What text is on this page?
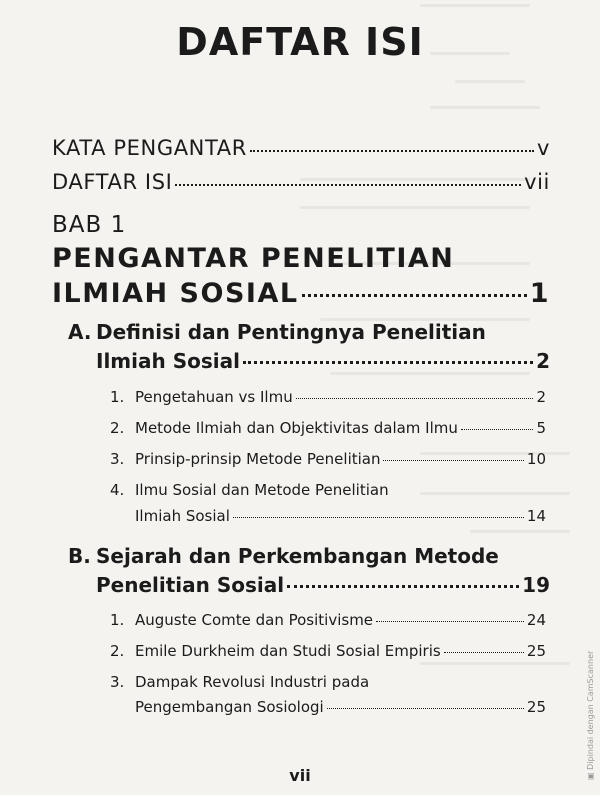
DAFTAR ISI
KATA PENGANTAR	v
DAFTAR ISI	vii
BAB 1
PENGANTAR PENELITIAN
ILMIAH SOSIAL	1
A. Definisi dan Pentingnya Penelitian
Ilmiah Sosial	2
1. Pengetahuan vs Ilmu	2
2. Metode Ilmiah dan Objektivitas dalam Ilmu	5
3. Prinsip-prinsip Metode Penelitian	10
4. Ilmu Sosial dan Metode Penelitian
Ilmiah Sosial	14
B. Sejarah dan Perkembangan Metode
Penelitian Sosial	19
1. Auguste Comte dan Positivisme	24
2. Emile Durkheim dan Studi Sosial Empiris	25
3. Dampak Revolusi Industri pada
Pengembangan Sosiologi	25
vii	▣ Dipindai dengan CamScanner
